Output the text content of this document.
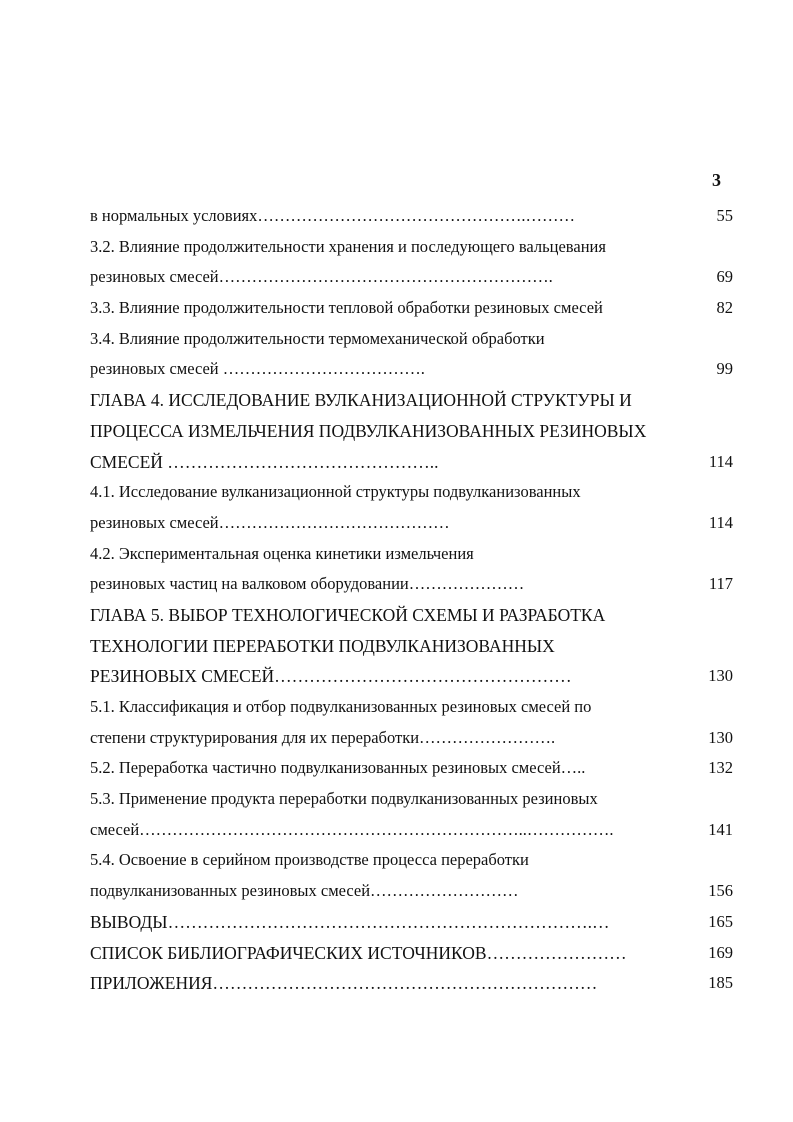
3
в нормальных условиях………………………………………….………	55
3.2. Влияние продолжительности хранения и последующего вальцевания
резиновых смесей…………………………………………………….	69
3.3. Влияние продолжительности тепловой обработки резиновых смесей	82
3.4. Влияние продолжительности термомеханической обработки
резиновых смесей ……………………………….	99
ГЛАВА 4. ИССЛЕДОВАНИЕ ВУЛКАНИЗАЦИОННОЙ СТРУКТУРЫ И
ПРОЦЕССА ИЗМЕЛЬЧЕНИЯ ПОДВУЛКАНИЗОВАННЫХ РЕЗИНОВЫХ
СМЕСЕЙ ………………………………………..	114
4.1. Исследование вулканизационной структуры подвулканизованных
резиновых смесей……………………………………	114
4.2. Экспериментальная оценка кинетики измельчения
резиновых частиц на валковом оборудовании…………………	117
ГЛАВА 5. ВЫБОР ТЕХНОЛОГИЧЕСКОЙ СХЕМЫ И РАЗРАБОТКА
ТЕХНОЛОГИИ ПЕРЕРАБОТКИ ПОДВУЛКАНИЗОВАННЫХ
РЕЗИНОВЫХ СМЕСЕЙ……………………………………………	130
5.1. Классификация и отбор подвулканизованных резиновых смесей по
степени структурирования для их переработки…………………….	130
5.2. Переработка частично подвулканизованных резиновых смесей…..	132
5.3. Применение продукта переработки подвулканизованных резиновых
смесей……………………………………………………………..…………….	141
5.4. Освоение в серийном производстве процесса переработки
подвулканизованных резиновых смесей………………………	156
ВЫВОДЫ……………………………………………………………….…	165
СПИСОК БИБЛИОГРАФИЧЕСКИХ ИСТОЧНИКОВ……………………	169
ПРИЛОЖЕНИЯ…………………………………………………………	185
